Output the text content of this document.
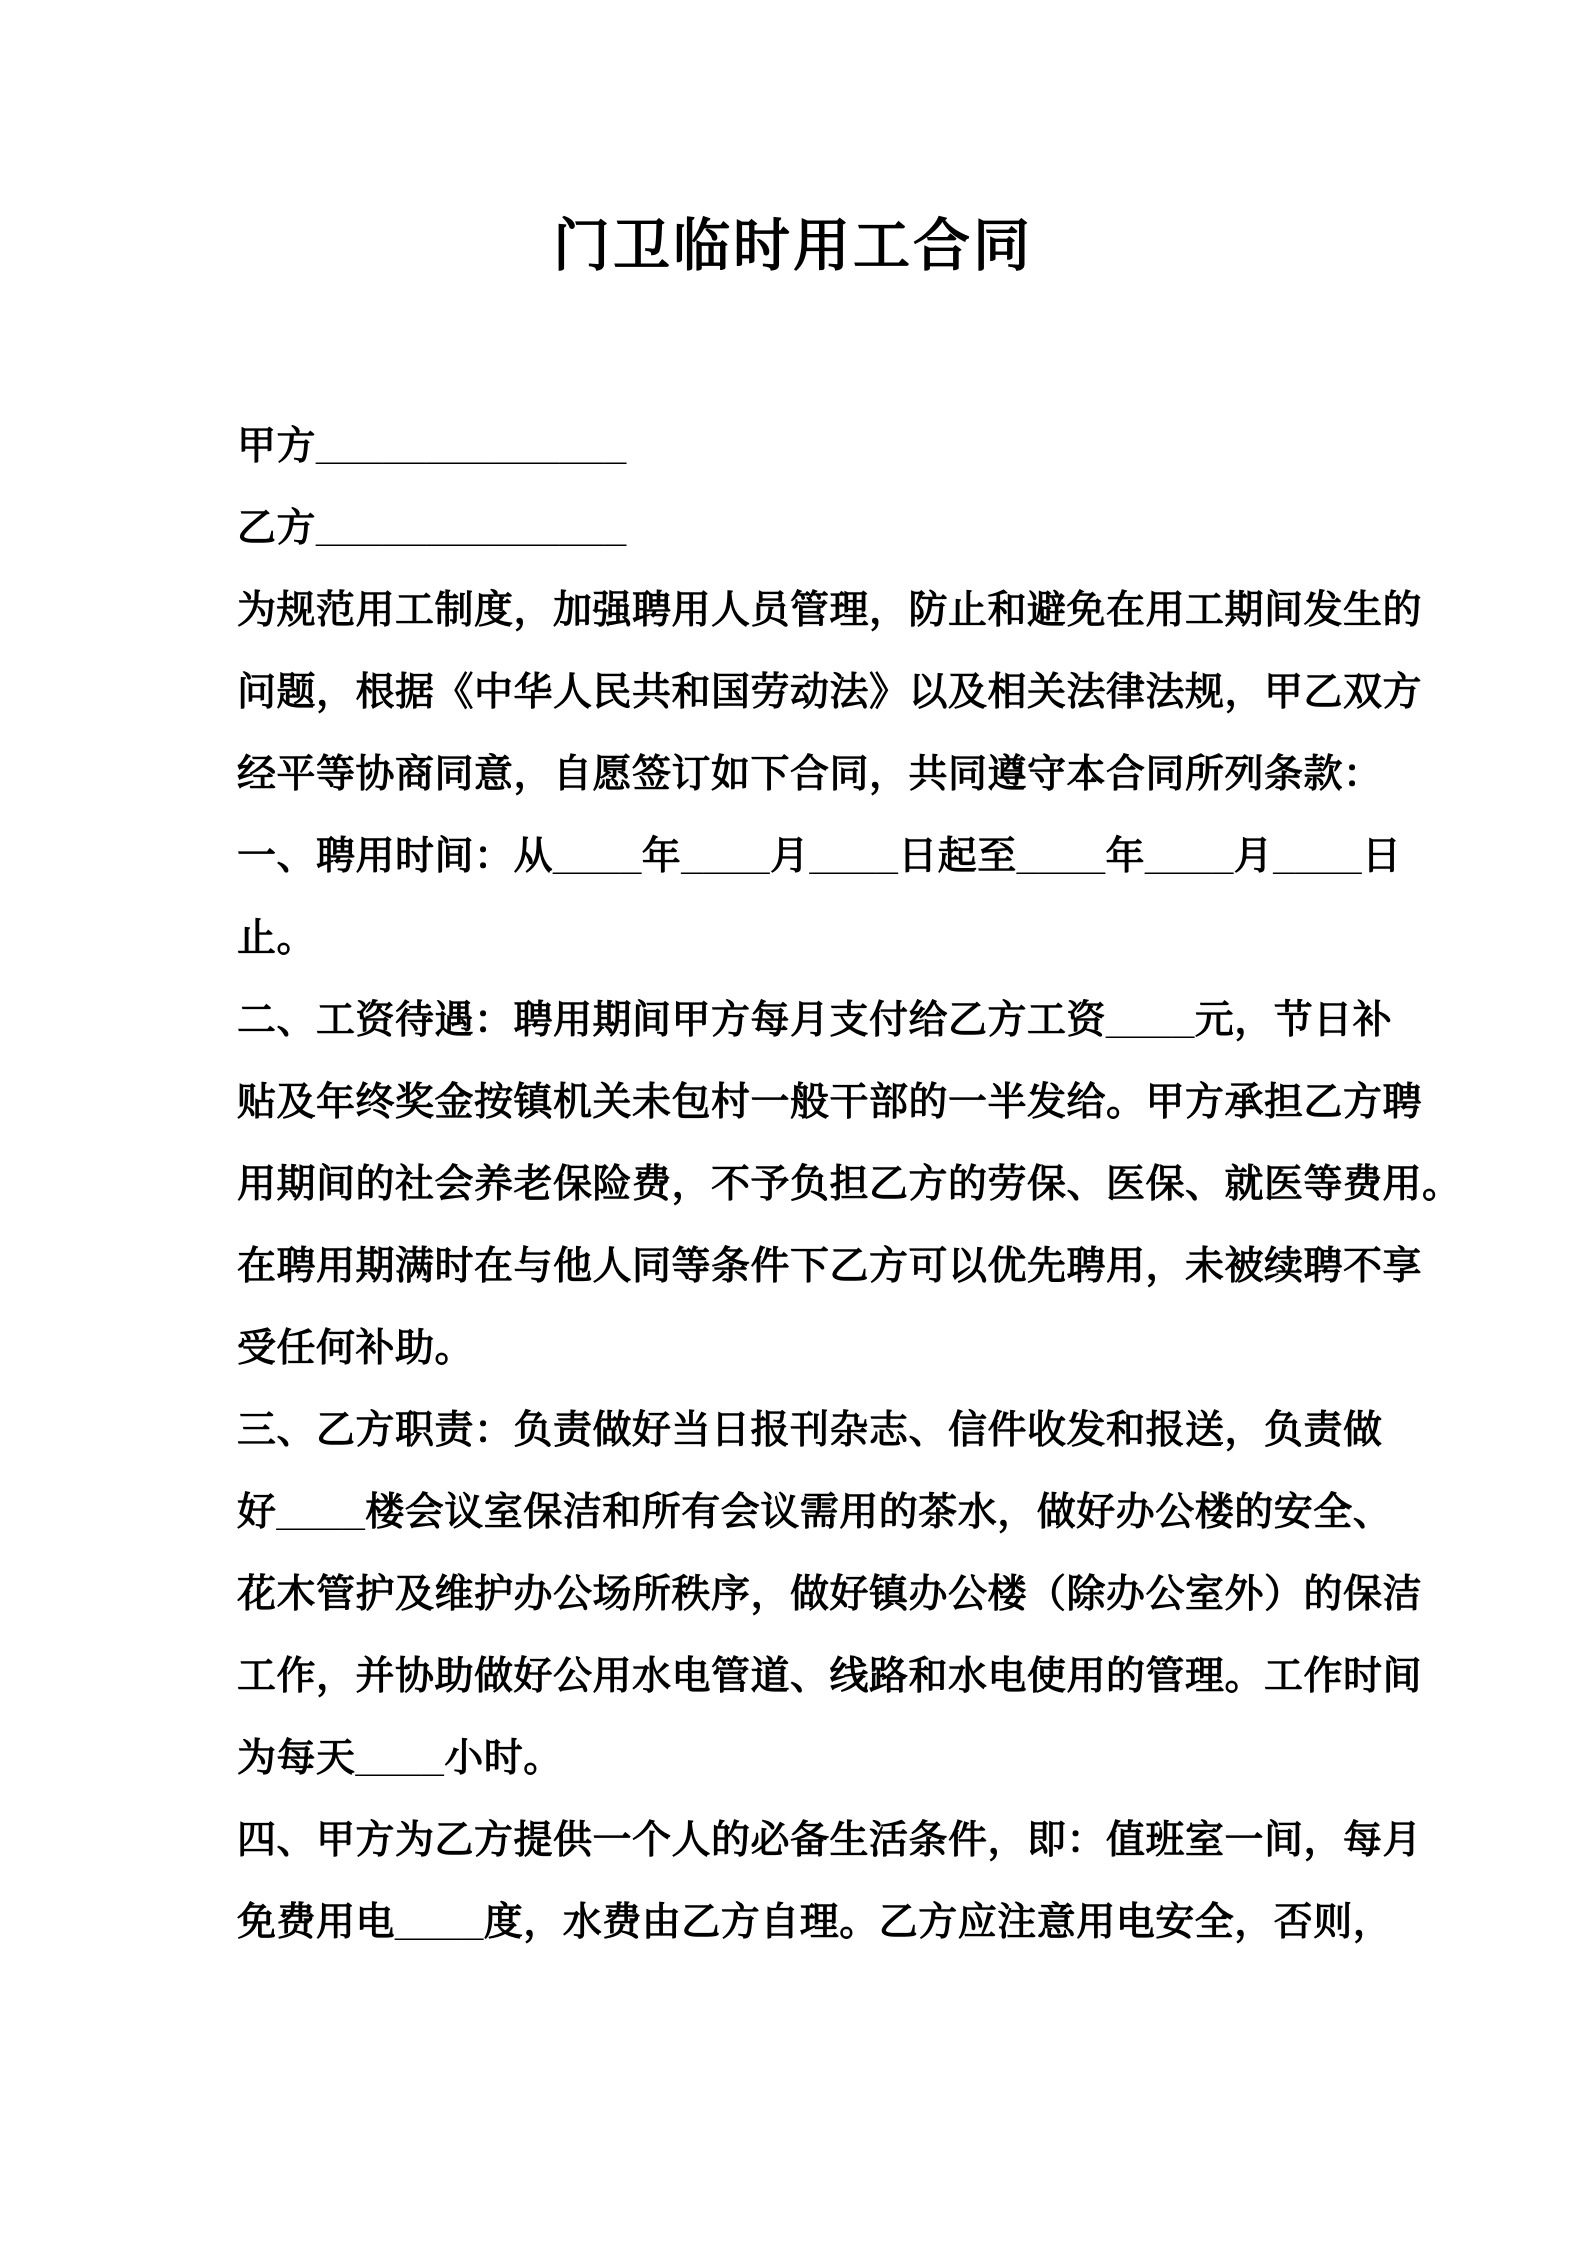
门卫临时用工合同
甲方______________
乙方______________
为规范用工制度，加强聘用人员管理，防止和避免在用工期间发生的
问题，根据《中华人民共和国劳动法》以及相关法律法规，甲乙双方
经平等协商同意，自愿签订如下合同，共同遵守本合同所列条款：
一、聘用时间：从____年____月____日起至____年____月____日
止。
二、工资待遇：聘用期间甲方每月支付给乙方工资____元，节日补
贴及年终奖金按镇机关未包村一般干部的一半发给。甲方承担乙方聘
用期间的社会养老保险费，不予负担乙方的劳保、医保、就医等费用。
在聘用期满时在与他人同等条件下乙方可以优先聘用，未被续聘不享
受任何补助。
三、乙方职责：负责做好当日报刊杂志、信件收发和报送，负责做
好____楼会议室保洁和所有会议需用的茶水，做好办公楼的安全、
花木管护及维护办公场所秩序，做好镇办公楼（除办公室外）的保洁
工作，并协助做好公用水电管道、线路和水电使用的管理。工作时间
为每天____小时。
四、甲方为乙方提供一个人的必备生活条件，即：值班室一间，每月
免费用电____度，水费由乙方自理。乙方应注意用电安全，否则，
